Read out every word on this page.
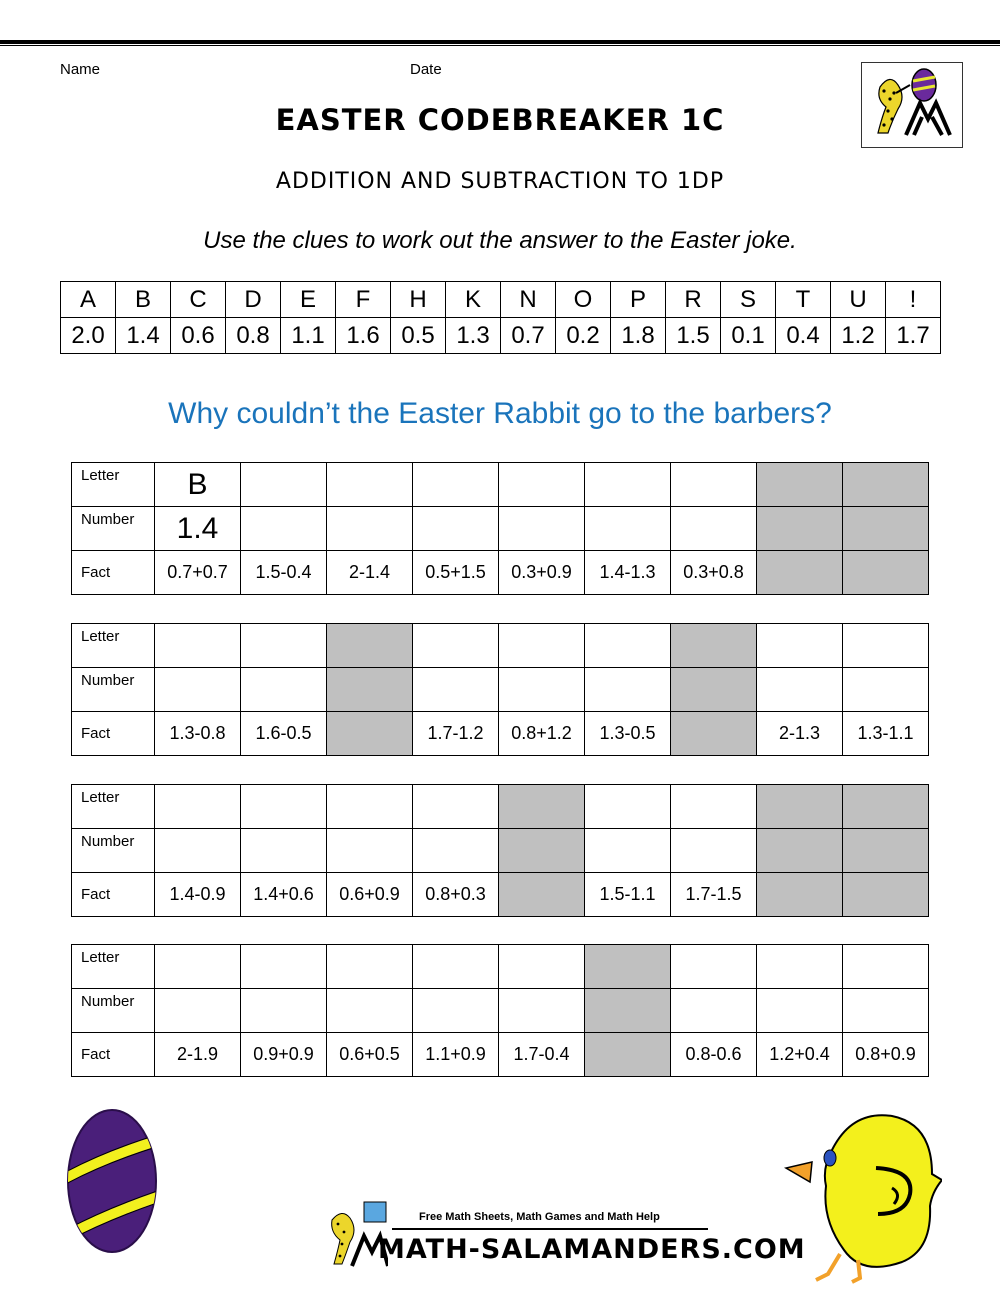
Name	Date
EASTER CODEBREAKER 1C
ADDITION AND SUBTRACTION TO 1DP
Use the clues to work out the answer to the Easter joke.
A	B	C	D	E	F	H	K	N	O	P	R	S	T	U	!
2.0	1.4	0.6	0.8	1.1	1.6	0.5	1.3	0.7	0.2	1.8	1.5	0.1	0.4	1.2	1.7
Why couldn’t the Easter Rabbit go to the barbers?
Letter	B								
Number	1.4								
Fact	0.7+0.7	1.5-0.4	2-1.4	0.5+1.5	0.3+0.9	1.4-1.3	0.3+0.8		
Letter									
Number									
Fact	1.3-0.8	1.6-0.5		1.7-1.2	0.8+1.2	1.3-0.5		2-1.3	1.3-1.1
Letter									
Number									
Fact	1.4-0.9	1.4+0.6	0.6+0.9	0.8+0.3		1.5-1.1	1.7-1.5		
Letter									
Number									
Fact	2-1.9	0.9+0.9	0.6+0.5	1.1+0.9	1.7-0.4		0.8-0.6	1.2+0.4	0.8+0.9
Free Math Sheets, Math Games and Math Help
MATH-SALAMANDERS.COM
